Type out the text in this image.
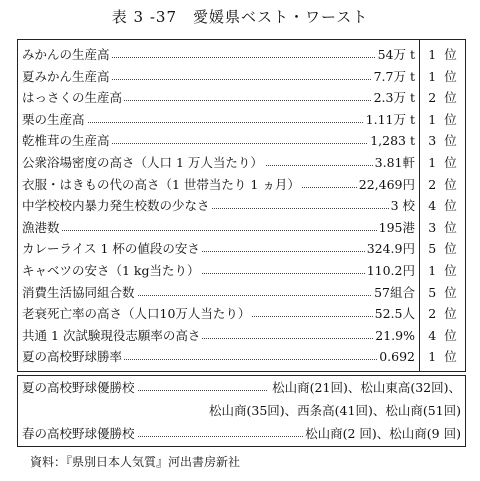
表 3 -37　愛媛県ベスト・ワースト
みかんの生産高	54万 t	1 位
夏みかん生産高	7.7万 t	1 位
はっさくの生産高	2.3万 t	2 位
栗の生産高	1.11万 t	1 位
乾椎茸の生産高	1,283 t	3 位
公衆浴場密度の高さ（人口 1 万人当たり）	3.81軒	1 位
衣服・はきもの代の高さ（1 世帯当たり 1 ヵ月）	22,469円	2 位
中学校校内暴力発生校数の少なさ	3 校	4 位
漁港数	195港	3 位
カレーライス 1 杯の値段の安さ	324.9円	5 位
キャベツの安さ（1 kg当たり）	110.2円	1 位
消費生活協同組合数	57組合	5 位
老衰死亡率の高さ（人口10万人当たり）	52.5人	2 位
共通 1 次試験現役志願率の高さ	21.9%	4 位
夏の高校野球勝率	0.692	1 位
夏の高校野球優勝校	松山商(21回)、松山東高(32回)、
松山商(35回)、西条高(41回)、松山商(51回)
春の高校野球優勝校	松山商(2 回)、松山商(9 回)
資料：『県別日本人気質』河出書房新社
